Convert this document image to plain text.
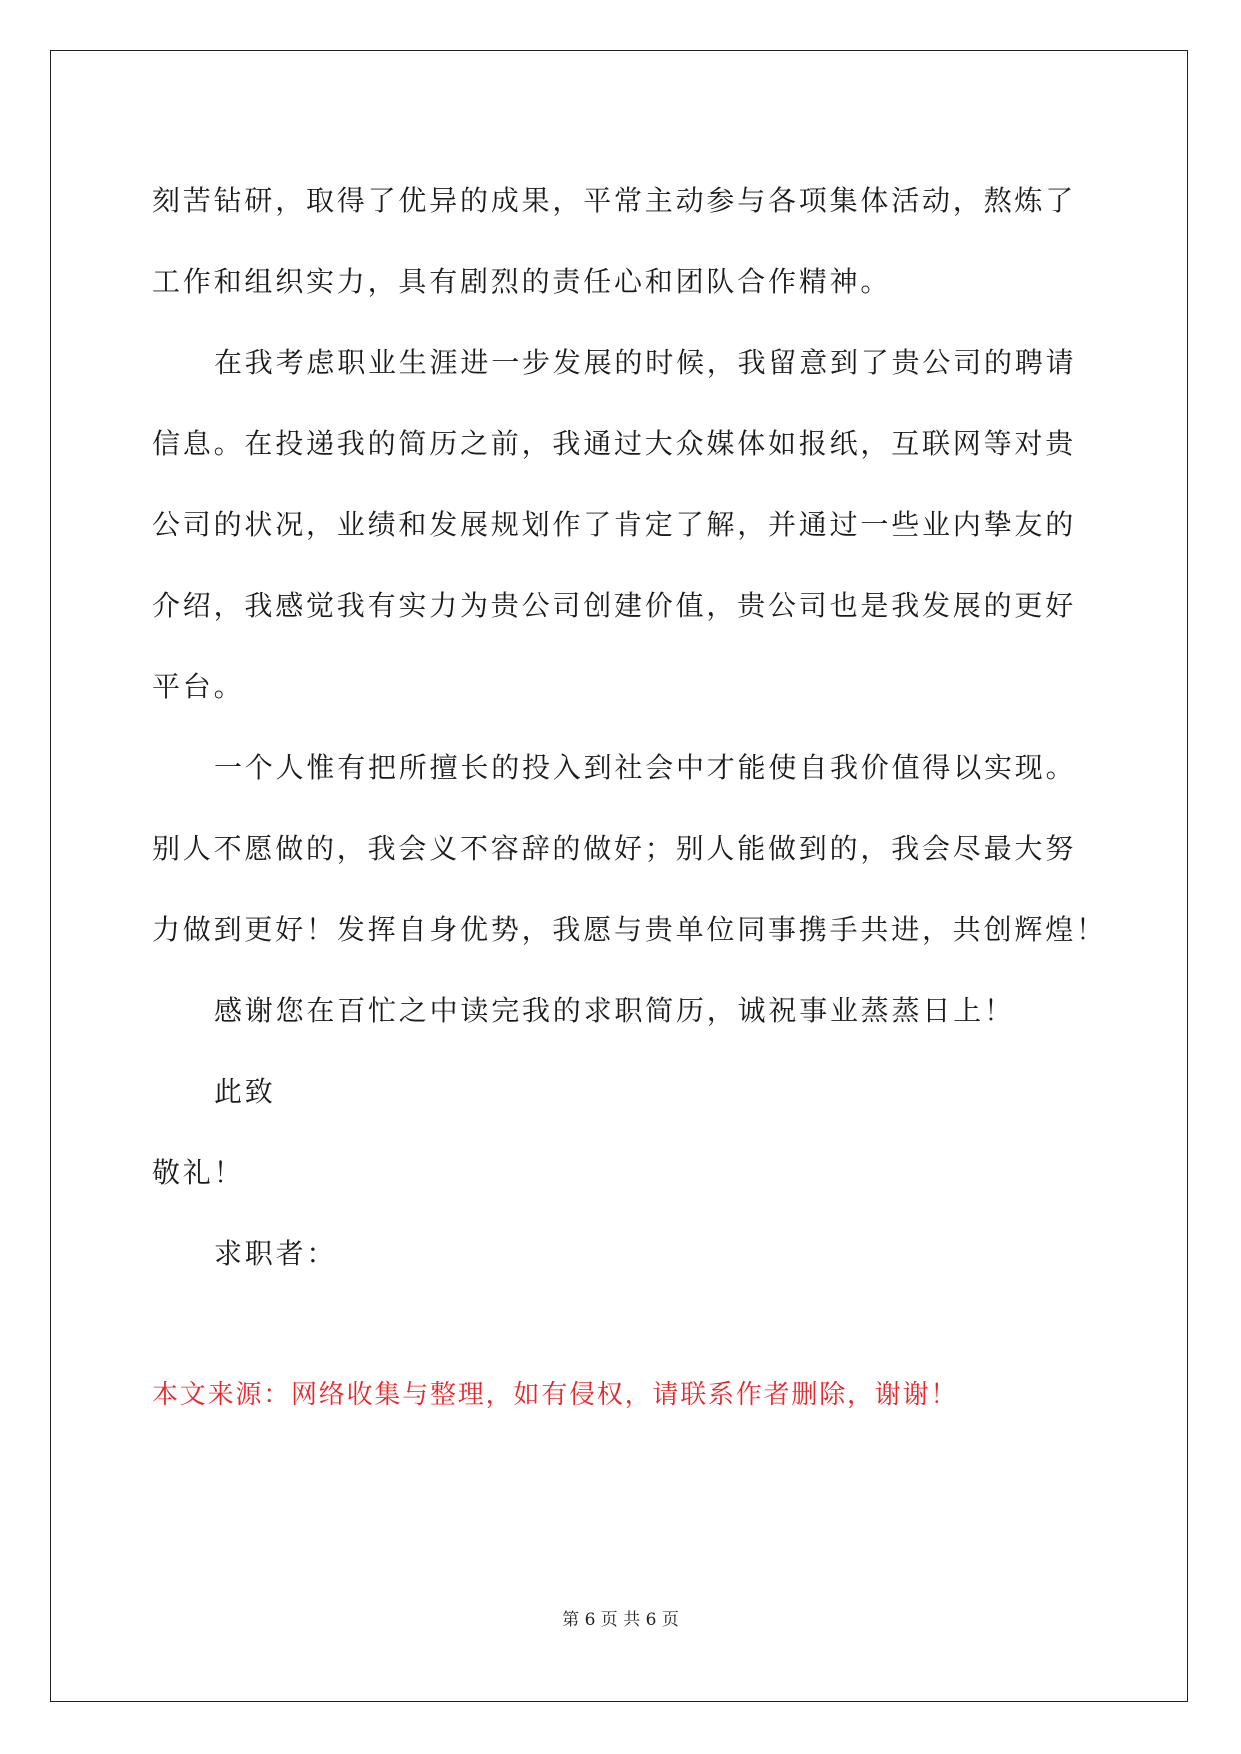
刻苦钻研，取得了优异的成果，平常主动参与各项集体活动，熬炼了
工作和组织实力，具有剧烈的责任心和团队合作精神。
在我考虑职业生涯进一步发展的时候，我留意到了贵公司的聘请
信息。在投递我的简历之前，我通过大众媒体如报纸，互联网等对贵
公司的状况，业绩和发展规划作了肯定了解，并通过一些业内挚友的
介绍，我感觉我有实力为贵公司创建价值，贵公司也是我发展的更好
平台。
一个人惟有把所擅长的投入到社会中才能使自我价值得以实现。
别人不愿做的，我会义不容辞的做好；别人能做到的，我会尽最大努
力做到更好！发挥自身优势，我愿与贵单位同事携手共进，共创辉煌！
感谢您在百忙之中读完我的求职简历，诚祝事业蒸蒸日上！
此致
敬礼！
求职者：
本文来源：网络收集与整理，如有侵权，请联系作者删除，谢谢！
第 6 页 共 6 页
